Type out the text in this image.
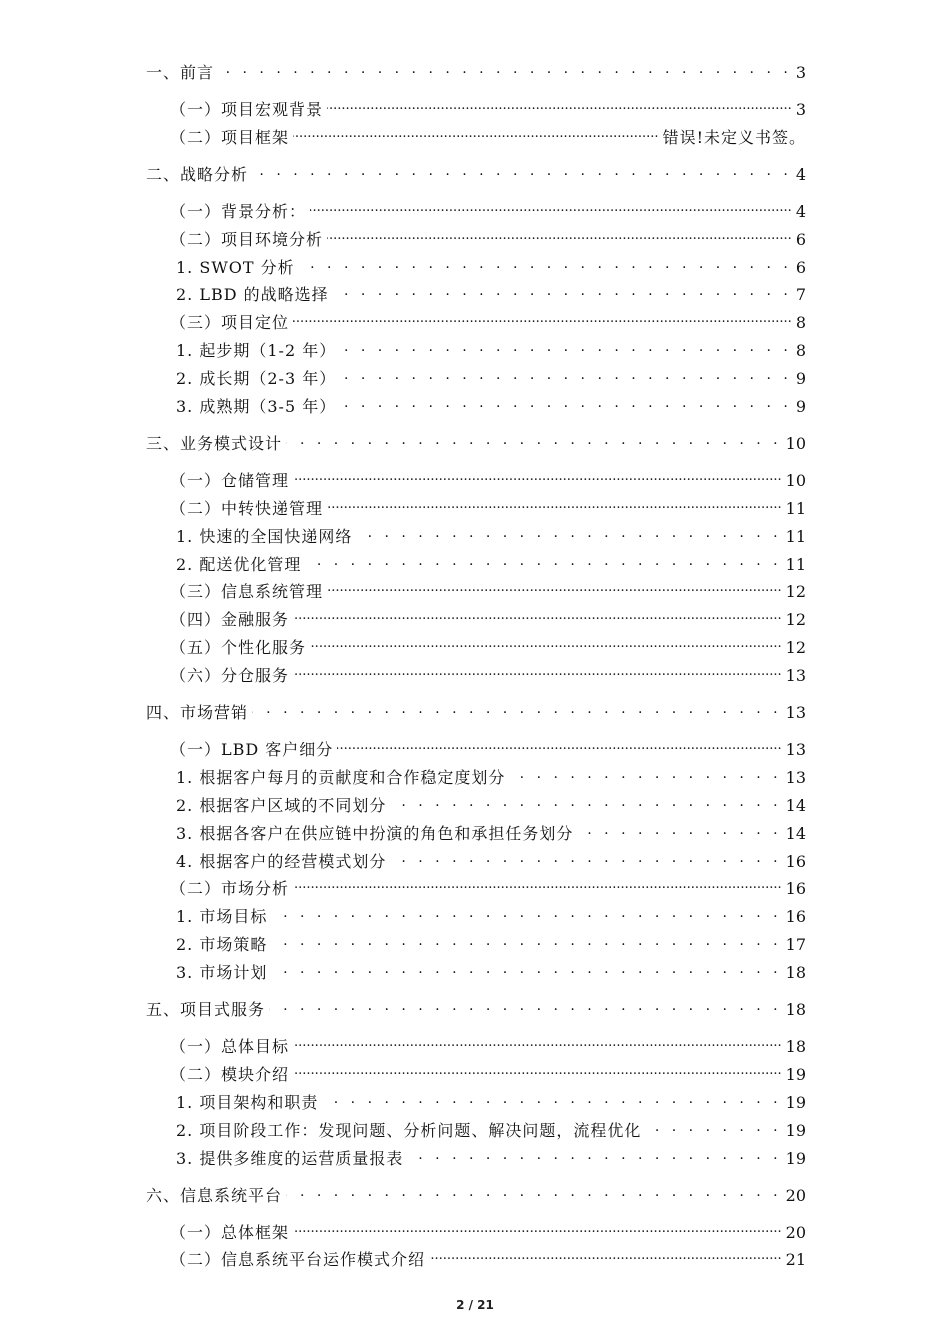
一、前言 . . .	3
（一）项目宏观背景 .....	3
（二）项目框架 .....	错误!未定义书签。
二、战略分析 . . .	4
（一）背景分析： .....	4
（二）项目环境分析 .....	6
1. SWOT 分析 . . .	6
2. LBD 的战略选择 . . .	7
（三）项目定位 .....	8
1. 起步期（1-2 年） . . .	8
2. 成长期（2-3 年） . . .	9
3. 成熟期（3-5 年） . . .	9
三、业务模式设计 . . .	10
（一）仓储管理 .....	10
（二）中转快递管理 .....	11
1. 快速的全国快递网络 . . .	11
2. 配送优化管理 . . .	11
（三）信息系统管理 .....	12
（四）金融服务 .....	12
（五）个性化服务 .....	12
（六）分仓服务 .....	13
四、市场营销 . . .	13
（一）LBD 客户细分 .....	13
1. 根据客户每月的贡献度和合作稳定度划分 . . .	13
2. 根据客户区域的不同划分 . . .	14
3. 根据各客户在供应链中扮演的角色和承担任务划分 . . .	14
4. 根据客户的经营模式划分 . . .	16
（二）市场分析 .....	16
1. 市场目标 . . .	16
2. 市场策略 . . .	17
3. 市场计划 . . .	18
五、项目式服务 . . .	18
（一）总体目标 .....	18
（二）模块介绍 .....	19
1. 项目架构和职责 . . .	19
2. 项目阶段工作：发现问题、分析问题、解决问题，流程优化 . . .	19
3. 提供多维度的运营质量报表 . . .	19
六、信息系统平台 . . .	20
（一）总体框架 .....	20
（二）信息系统平台运作模式介绍 .....	21
2 / 21
